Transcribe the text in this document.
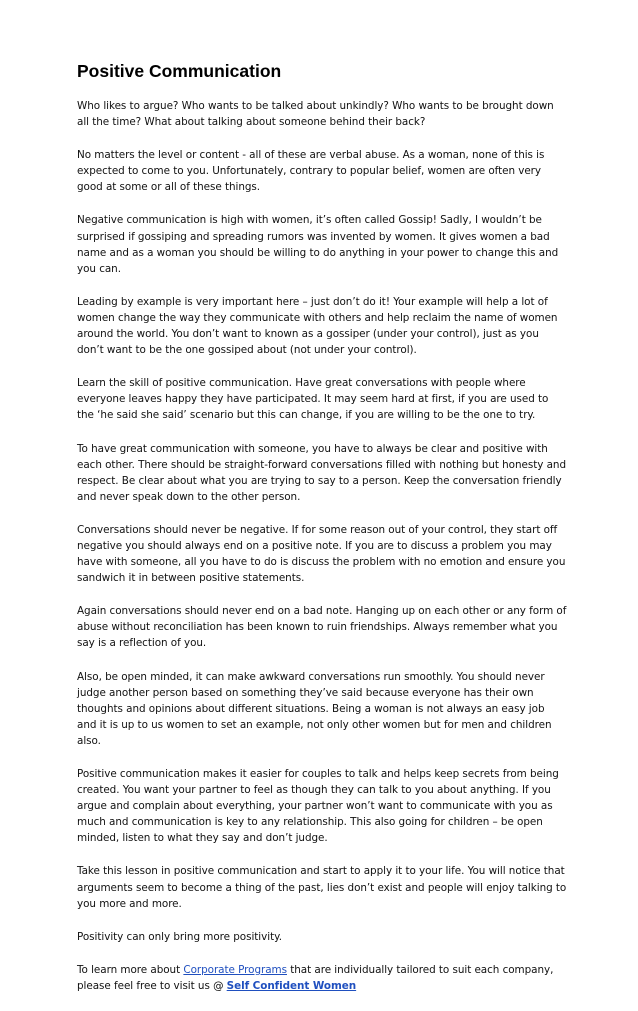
Positive Communication

Who likes to argue? Who wants to be talked about unkindly? Who wants to be brought down all the time? What about talking about someone behind their back?

No matters the level or content - all of these are verbal abuse. As a woman, none of this is expected to come to you. Unfortunately, contrary to popular belief, women are often very good at some or all of these things.

Negative communication is high with women, it’s often called Gossip! Sadly, I wouldn’t be surprised if gossiping and spreading rumors was invented by women. It gives women a bad name and as a woman you should be willing to do anything in your power to change this and you can.

Leading by example is very important here – just don’t do it! Your example will help a lot of women change the way they communicate with others and help reclaim the name of women around the world. You don’t want to known as a gossiper (under your control), just as you don’t want to be the one gossiped about (not under your control).

Learn the skill of positive communication. Have great conversations with people where everyone leaves happy they have participated. It may seem hard at first, if you are used to the ‘he said she said’ scenario but this can change, if you are willing to be the one to try.

To have great communication with someone, you have to always be clear and positive with each other. There should be straight-forward conversations filled with nothing but honesty and respect. Be clear about what you are trying to say to a person. Keep the conversation friendly and never speak down to the other person.

Conversations should never be negative. If for some reason out of your control, they start off negative you should always end on a positive note. If you are to discuss a problem you may have with someone, all you have to do is discuss the problem with no emotion and ensure you sandwich it in between positive statements.

Again conversations should never end on a bad note. Hanging up on each other or any form of abuse without reconciliation has been known to ruin friendships. Always remember what you say is a reflection of you.

Also, be open minded, it can make awkward conversations run smoothly. You should never judge another person based on something they’ve said because everyone has their own thoughts and opinions about different situations. Being a woman is not always an easy job and it is up to us women to set an example, not only other women but for men and children also.

Positive communication makes it easier for couples to talk and helps keep secrets from being created. You want your partner to feel as though they can talk to you about anything. If you argue and complain about everything, your partner won’t want to communicate with you as much and communication is key to any relationship. This also going for children – be open minded, listen to what they say and don’t judge.

Take this lesson in positive communication and start to apply it to your life. You will notice that arguments seem to become a thing of the past, lies don’t exist and people will enjoy talking to you more and more.

Positivity can only bring more positivity.

To learn more about Corporate Programs that are individually tailored to suit each company, please feel free to visit us @ Self Confident Women
